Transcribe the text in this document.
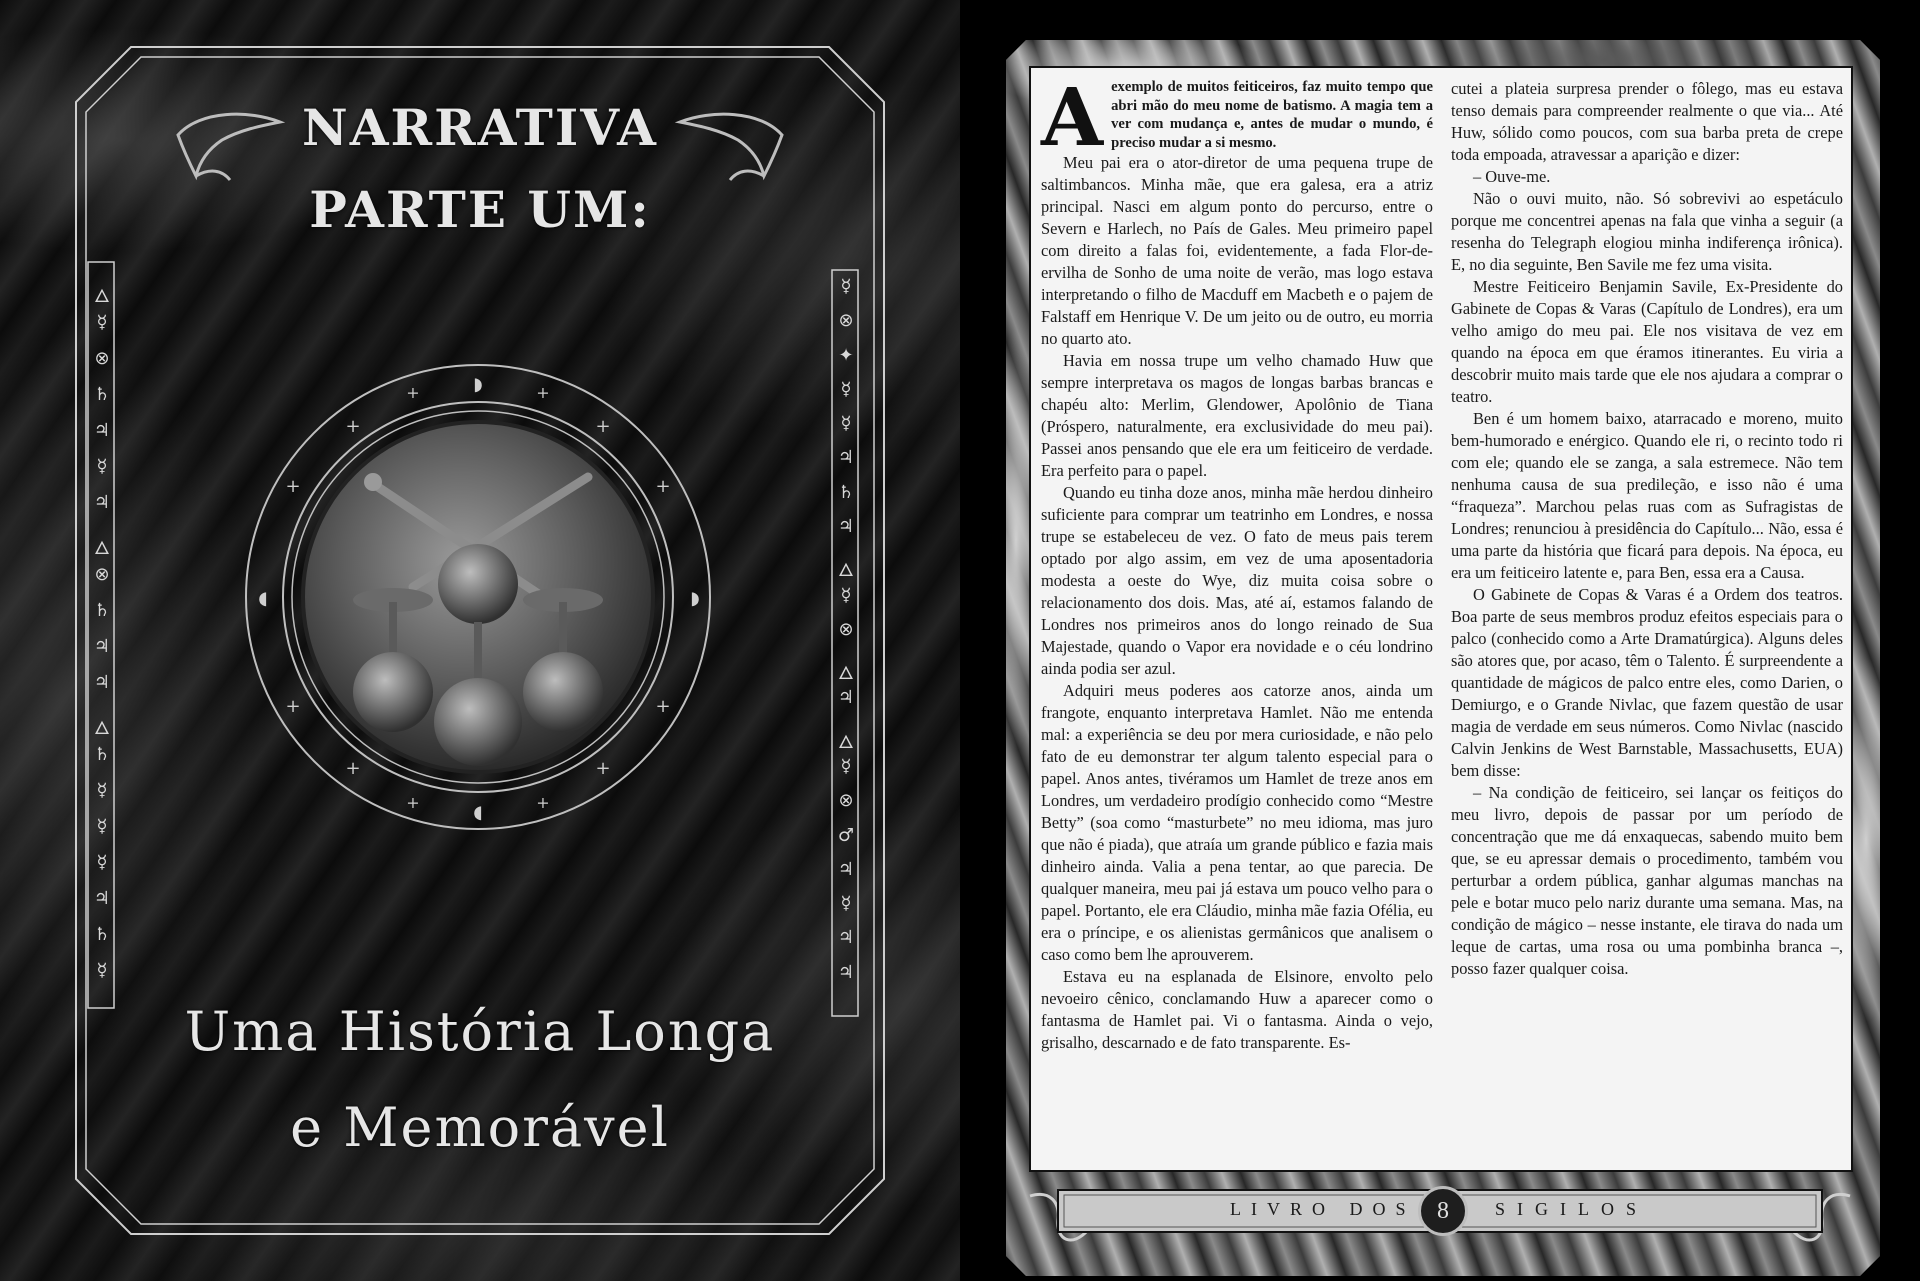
NARRATIVA
PARTE UM:
🜂
☿
⊗
♄
♃
☿
♃
🜂
⊗
♄
♃
♃
🜂
♄
☿
☿
☿
♃
♄
☿
☿
⊗
✦
☿
☿
♃
♄
♃
🜂
☿
⊗
🜂
♃
🜂
☿
⊗
♂
♃
☿
♃
♃
◗
◖
◖	◗
+	+
+	+
+	+
+	+
+	+
+	+
Uma História Longa
e Memorável

Aexemplo de muitos feiticeiros, faz muito tempo que abri mão do meu nome de batismo. A magia tem a ver com mudança e, antes de mudar o mundo, é preciso mudar a si mesmo.

Meu pai era o ator-diretor de uma pequena trupe de saltimbancos. Minha mãe, que era galesa, era a atriz principal. Nasci em algum ponto do percurso, entre o Severn e Harlech, no País de Gales. Meu primeiro papel com direito a falas foi, evidentemente, a fada Flor-de-ervilha de Sonho de uma noite de verão, mas logo estava interpretando o filho de Macduff em Macbeth e o pajem de Falstaff em Henrique V. De um jeito ou de outro, eu morria no quarto ato.

Havia em nossa trupe um velho chamado Huw que sempre interpretava os magos de longas barbas brancas e chapéu alto: Merlim, Glendower, Apolônio de Tiana (Próspero, naturalmente, era exclusividade do meu pai). Passei anos pensando que ele era um feiticeiro de verdade. Era perfeito para o papel.

Quando eu tinha doze anos, minha mãe herdou dinheiro suficiente para comprar um teatrinho em Londres, e nossa trupe se estabeleceu de vez. O fato de meus pais terem optado por algo assim, em vez de uma aposentadoria modesta a oeste do Wye, diz muita coisa sobre o relacionamento dos dois. Mas, até aí, estamos falando de Londres nos primeiros anos do longo reinado de Sua Majestade, quando o Vapor era novidade e o céu londrino ainda podia ser azul.

Adquiri meus poderes aos catorze anos, ainda um frangote, enquanto interpretava Hamlet. Não me entenda mal: a experiência se deu por mera curiosidade, e não pelo fato de eu demonstrar ter algum talento especial para o papel. Anos antes, tivéramos um Hamlet de treze anos em Londres, um verdadeiro prodígio conhecido como “Mestre Betty” (soa como “masturbete” no meu idioma, mas juro que não é piada), que atraía um grande público e fazia mais dinheiro ainda. Valia a pena tentar, ao que parecia. De qualquer maneira, meu pai já estava um pouco velho para o papel. Portanto, ele era Cláudio, minha mãe fazia Ofélia, eu era o príncipe, e os alienistas germânicos que analisem o caso como bem lhe aprouverem.

Estava eu na esplanada de Elsinore, envolto pelo nevoeiro cênico, conclamando Huw a aparecer como o fantasma de Hamlet pai. Vi o fantasma. Ainda o vejo, grisalho, descarnado e de fato transparente. Es-

cutei a plateia surpresa prender o fôlego, mas eu estava tenso demais para compreender realmente o que via... Até Huw, sólido como poucos, com sua barba preta de crepe toda empoada, atravessar a aparição e dizer:

– Ouve-me.

Não o ouvi muito, não. Só sobrevivi ao espetáculo porque me concentrei apenas na fala que vinha a seguir (a resenha do Telegraph elogiou minha indiferença irônica). E, no dia seguinte, Ben Savile me fez uma visita.

Mestre Feiticeiro Benjamin Savile, Ex-Presidente do Gabinete de Copas & Varas (Capítulo de Londres), era um velho amigo do meu pai. Ele nos visitava de vez em quando na época em que éramos itinerantes. Eu viria a descobrir muito mais tarde que ele nos ajudara a comprar o teatro.

Ben é um homem baixo, atarracado e moreno, muito bem-humorado e enérgico. Quando ele ri, o recinto todo ri com ele; quando ele se zanga, a sala estremece. Não tem nenhuma causa de sua predileção, e isso não é uma “fraqueza”. Marchou pelas ruas com as Sufragistas de Londres; renunciou à presidência do Capítulo... Não, essa é uma parte da história que ficará para depois. Na época, eu era um feiticeiro latente e, para Ben, essa era a Causa.

O Gabinete de Copas & Varas é a Ordem dos teatros. Boa parte de seus membros produz efeitos especiais para o palco (conhecido como a Arte Dramatúrgica). Alguns deles são atores que, por acaso, têm o Talento. É surpreendente a quantidade de mágicos de palco entre eles, como Darien, o Demiurgo, e o Grande Nivlac, que fazem questão de usar magia de verdade em seus números. Como Nivlac (nascido Calvin Jenkins de West Barnstable, Massachusetts, EUA) bem disse:

– Na condição de feiticeiro, sei lançar os feitiços do meu livro, depois de passar por um período de concentração que me dá enxaquecas, sabendo muito bem que, se eu apressar demais o procedimento, também vou perturbar a ordem pública, ganhar algumas manchas na pele e botar muco pelo nariz durante uma semana. Mas, na condição de mágico – nesse instante, ele tirava do nada um leque de cartas, uma rosa ou uma pombinha branca –, posso fazer qualquer coisa.

LIVRO DOS	SIGILOS
8
